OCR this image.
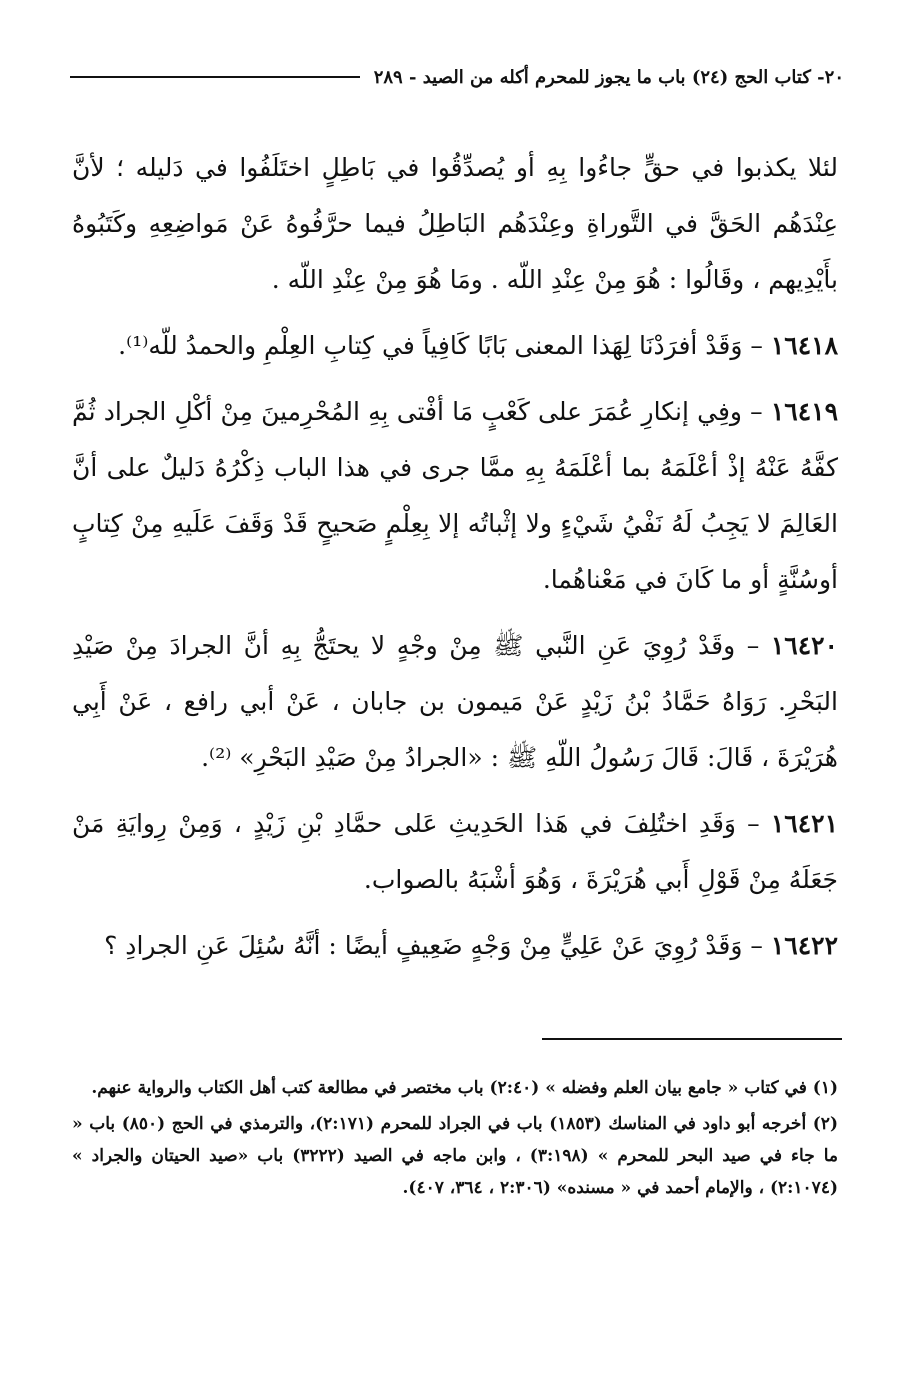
٢٠- كتاب الحج (٢٤) باب ما يجوز للمحرم أكله من الصيد - ٢٨٩

لئلا يكذبوا في حقٍّ جاءُوا بِهِ أو يُصدِّقُوا في بَاطِلٍ اختَلَفُوا في دَليله ؛ لأنَّ عِنْدَهُم الحَقَّ في التَّوراةِ وعِنْدَهُم البَاطِلُ فيما حرَّفُوهُ عَنْ مَواضِعِهِ وكَتَبُوهُ بأَيْدِيهم ، وقَالُوا : هُوَ مِنْ عِنْدِ اللّه . ومَا هُوَ مِنْ عِنْدِ اللّه .

١٦٤١٨ – وَقَدْ أفرَدْنَا لِهَذا المعنى بَابًا كَافِياً في كِتابِ العِلْمِ والحمدُ للّه⁽¹⁾.

١٦٤١٩ – وفِي إنكارِ عُمَرَ على كَعْبٍ مَا أفْتى بِهِ المُحْرِمينَ مِنْ أكْلِ الجراد ثُمَّ كفَّهُ عَنْهُ إذْ أعْلَمَهُ بما أعْلَمَهُ بِهِ ممَّا جرى في هذا الباب ذِكْرُهُ دَليلٌ على أنَّ العَالِمَ لا يَجِبُ لَهُ نَفْيُ شَيْءٍ ولا إثْباتُه إلا بِعِلْمٍ صَحيحٍ قَدْ وَقَفَ عَلَيهِ مِنْ كِتابٍ أوسُنَّةٍ أو ما كَانَ في مَعْناهُما.

١٦٤٢٠ – وقَدْ رُوِيَ عَنِ النَّبي ﷺ مِنْ وجْهٍ لا يحتَجُّ بِهِ أنَّ الجرادَ مِنْ صَيْدِ البَحْرِ. رَوَاهُ حَمَّادُ بْنُ زَيْدٍ عَنْ مَيمون بن جابان ، عَنْ أبي رافع ، عَنْ أَبِي هُرَيْرَةَ ، قَالَ: قَالَ رَسُولُ اللّهِ ﷺ : «الجرادُ مِنْ صَيْدِ البَحْرِ» ⁽²⁾.

١٦٤٢١ – وَقَدِ اختُلِفَ في هَذا الحَدِيثِ عَلى حمَّادِ بْنِ زَيْدٍ ، وَمِنْ رِوايَةِ مَنْ جَعَلَهُ مِنْ قَوْلِ أَبي هُرَيْرَةَ ، وَهُوَ أشْبَهُ بالصواب.

١٦٤٢٢ – وَقَدْ رُوِيَ عَنْ عَلِيٍّ مِنْ وَجْهٍ ضَعِيفٍ أيضًا : أنَّهُ سُئِلَ عَنِ الجرادِ ؟

(١) في كتاب « جامع بيان العلم وفضله » (٢:٤٠) باب مختصر في مطالعة كتب أهل الكتاب والرواية عنهم.

(٢) أخرجه أبو داود في المناسك (١٨٥٣) باب في الجراد للمحرم (٢:١٧١)، والترمذي في الحج (٨٥٠) باب « ما جاء في صيد البحر للمحرم » (٣:١٩٨) ، وابن ماجه في الصيد (٣٢٢٢) باب «صيد الحيتان والجراد » (٢:١٠٧٤) ، والإمام أحمد في « مسنده» (٢:٣٠٦ ، ٣٦٤، ٤٠٧).
